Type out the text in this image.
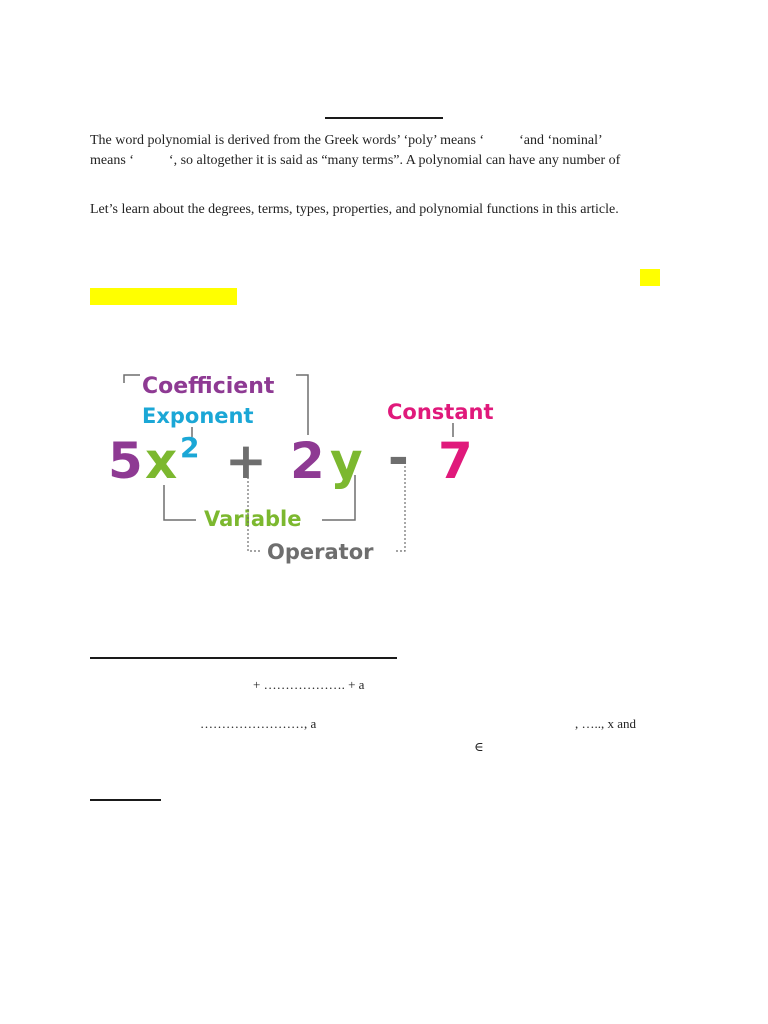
The word polynomial is derived from the Greek words’ ‘poly’ means ‘          ‘and ‘nominal’
means ‘          ‘, so altogether it is said as “many terms”. A polynomial can have any number of
Let’s learn about the degrees, terms, types, properties, and polynomial functions in this article.
Coefficient
Exponent	Constant
5 x 2 + 2 y - 7
Variable
Operator
+ ………………. + a
……………………, a	, ….., x and
∈
